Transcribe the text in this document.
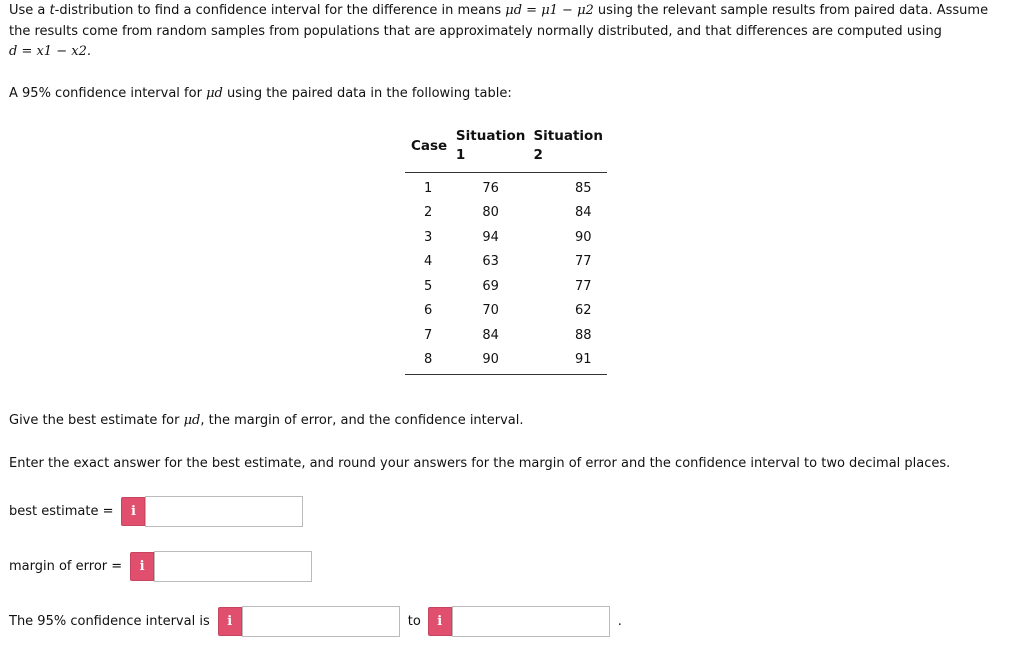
Use a t-distribution to find a confidence interval for the difference in means μd = μ1 − μ2 using the relevant sample results from paired data. Assume
the results come from random samples from populations that are approximately normally distributed, and that differences are computed using
d = x1 − x2.
A 95% confidence interval for μd using the paired data in the following table:
Case	Situation 1	Situation 2
1	76	85
2	80	84
3	94	90
4	63	77
5	69	77
6	70	62
7	84	88
8	90	91
Give the best estimate for μd, the margin of error, and the confidence interval.
Enter the exact answer for the best estimate, and round your answers for the margin of error and the confidence interval to two decimal places.
best estimate =	i
margin of error =	i
The 95% confidence interval is	i	to	i	.
